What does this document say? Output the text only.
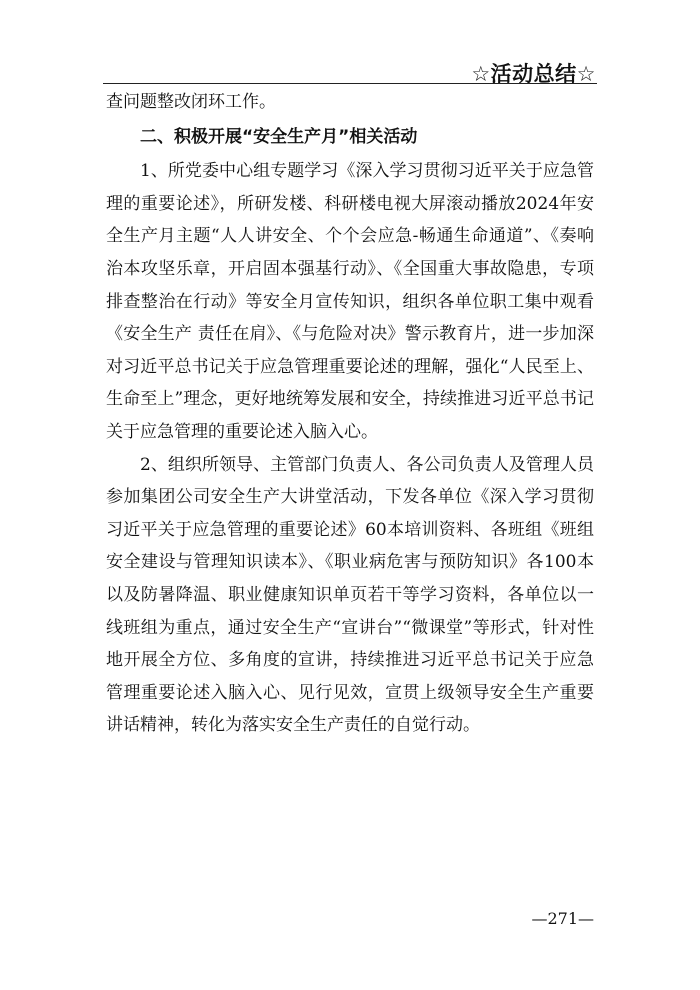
☆活动总结☆

查问题整改闭环工作。

二、积极开展“安全生产月”相关活动

1、所党委中心组专题学习《深入学习贯彻习近平关于应急管理的重要论述》，所研发楼、科研楼电视大屏滚动播放2024年安全生产月主题“人人讲安全、个个会应急-畅通生命通道”、《奏响治本攻坚乐章，开启固本强基行动》、《全国重大事故隐患，专项排查整治在行动》等安全月宣传知识，组织各单位职工集中观看《安全生产 责任在肩》、《与危险对决》警示教育片，进一步加深对习近平总书记关于应急管理重要论述的理解，强化“人民至上、生命至上”理念，更好地统筹发展和安全，持续推进习近平总书记关于应急管理的重要论述入脑入心。

2、组织所领导、主管部门负责人、各公司负责人及管理人员参加集团公司安全生产大讲堂活动，下发各单位《深入学习贯彻习近平关于应急管理的重要论述》60本培训资料、各班组《班组安全建设与管理知识读本》、《职业病危害与预防知识》各100本以及防暑降温、职业健康知识单页若干等学习资料，各单位以一线班组为重点，通过安全生产“宣讲台”“微课堂”等形式，针对性地开展全方位、多角度的宣讲，持续推进习近平总书记关于应急管理重要论述入脑入心、见行见效，宣贯上级领导安全生产重要讲话精神，转化为落实安全生产责任的自觉行动。

—271—
